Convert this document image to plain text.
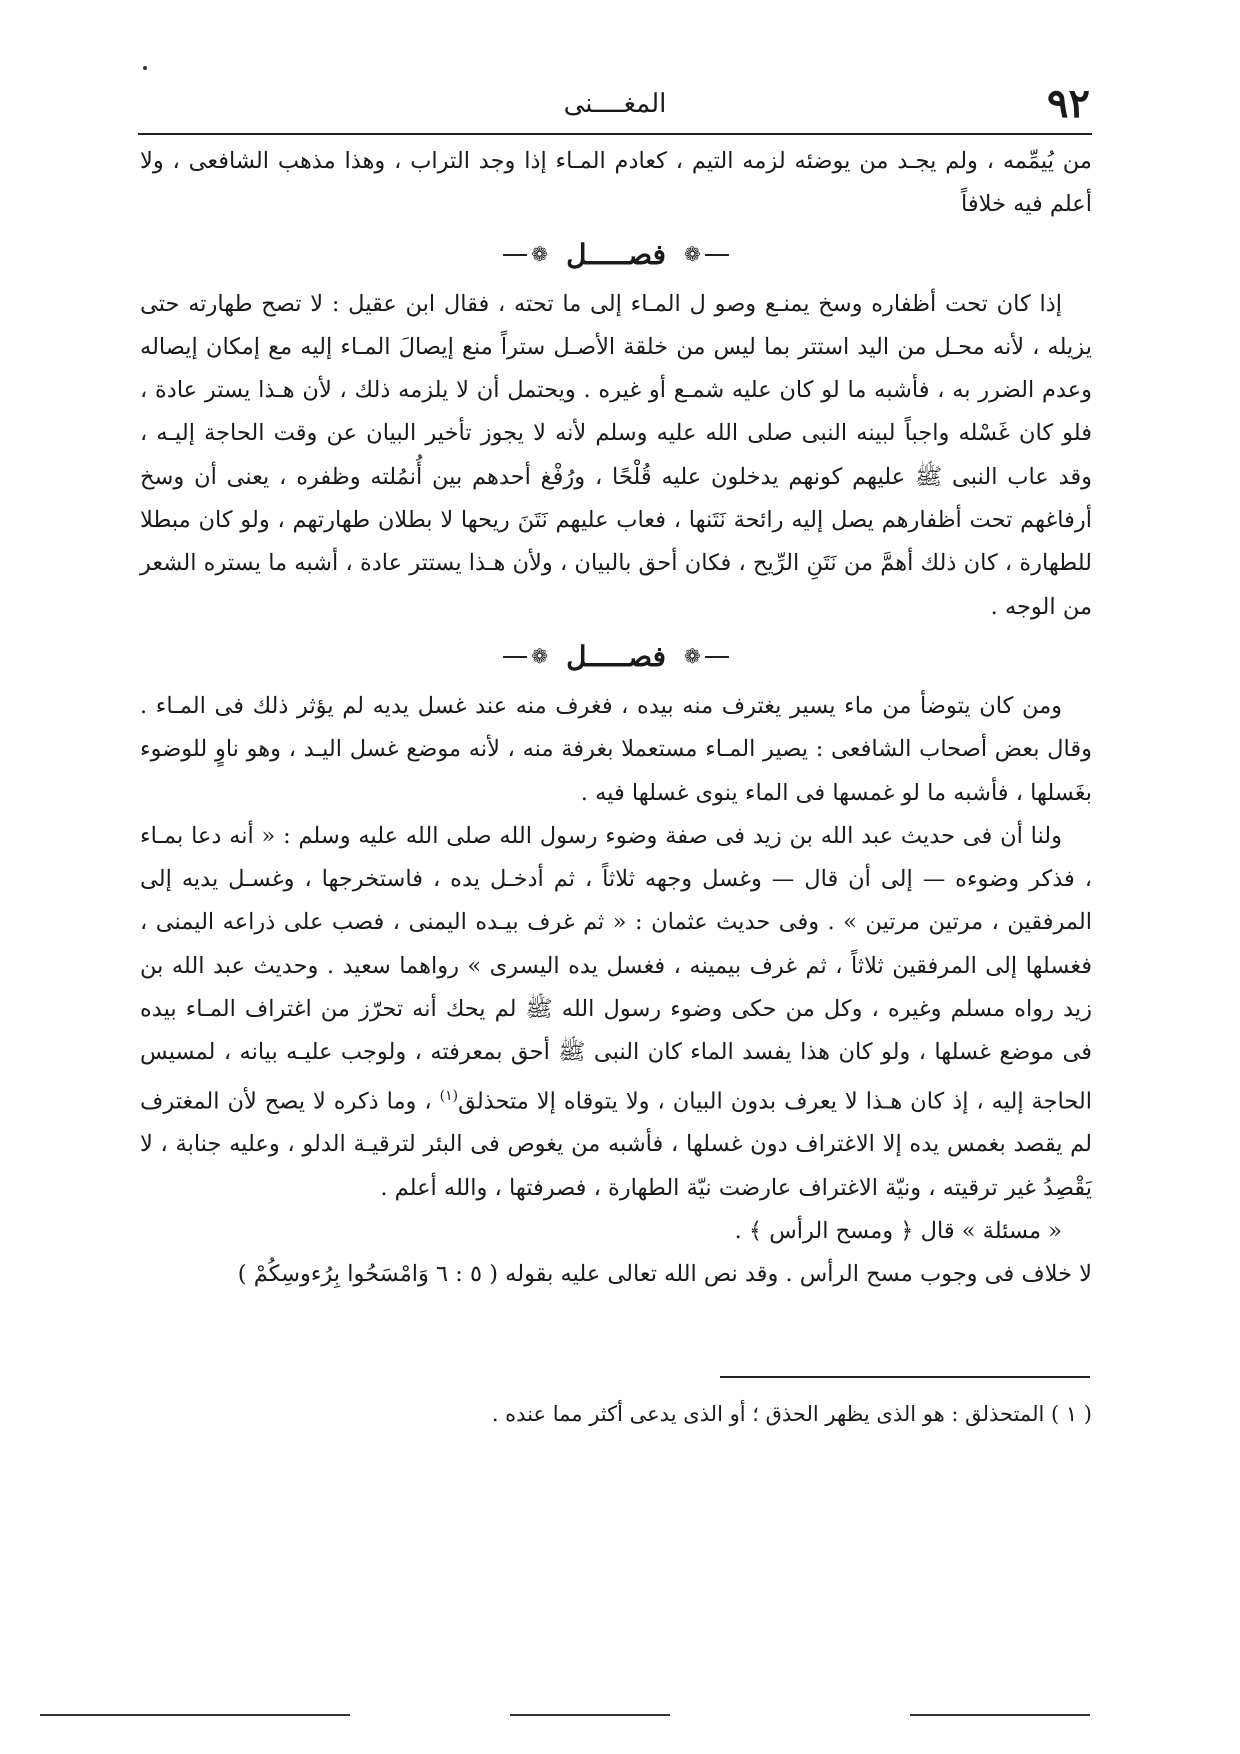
٩٢
المغــــنى

من يُيمِّمه ، ولم يجـد من يوضئه لزمه التيم ، كعادم المـاء إذا وجد التراب ، وهذا مذهب الشافعى ، ولا أعلم فيه خلافاً

❁
فصـــــل
❁

إذا كان تحت أظفاره وسخ يمنـع وصو ل المـاء إلى ما تحته ، فقال ابن عقيل : لا تصح طهارته حتى يزيله ، لأنه محـل من اليد استتر بما ليس من خلقة الأصـل ستراً منع إيصالَ المـاء إليه مع إمكان إيصاله وعدم الضرر به ، فأشبه ما لو كان عليه شمـع أو غيره . ويحتمل أن لا يلزمه ذلك ، لأن هـذا يستر عادة ، فلو كان غَسْله واجباً لبينه النبى صلى الله عليه وسلم لأنه لا يجوز تأخير البيان عن وقت الحاجة إليـه ، وقد عاب النبى ﷺ عليهم كونهم يدخلون عليه قُلْحًا ، ورُفْغ أحدهم بين أُنمُلته وظفره ، يعنى أن وسخ أرفاغهم تحت أظفارهم يصل إليه رائحة نَتَنها ، فعاب عليهم نَتَنَ ريحها لا بطلان طهارتهم ، ولو كان مبطلا للطهارة ، كان ذلك أهمَّ من نَتَنِ الرِّيح ، فكان أحق بالبيان ، ولأن هـذا يستتر عادة ، أشبه ما يستره الشعر من الوجه .

❁
فصـــــل
❁

ومن كان يتوضأ من ماء يسير يغترف منه بيده ، فغرف منه عند غسل يديه لم يؤثر ذلك فى المـاء . وقال بعض أصحاب الشافعى : يصير المـاء مستعملا بغرفة منه ، لأنه موضع غسل اليـد ، وهو ناوٍ للوضوء بغَسلها ، فأشبه ما لو غمسها فى الماء ينوى غسلها فيه .

ولنا أن فى حديث عبد الله بن زيد فى صفة وضوء رسول الله صلى الله عليه وسلم : « أنه دعا بمـاء ، فذكر وضوءه — إلى أن قال — وغسل وجهه ثلاثاً ، ثم أدخـل يده ، فاستخرجها ، وغسـل يديه إلى المرفقين ، مرتين مرتين » . وفى حديث عثمان : « ثم غرف بيـده اليمنى ، فصب على ذراعه اليمنى ، فغسلها إلى المرفقين ثلاثاً ، ثم غرف بيمينه ، فغسل يده اليسرى » رواهما سعيد . وحديث عبد الله بن زيد رواه مسلم وغيره ، وكل من حكى وضوء رسول الله ﷺ لم يحك أنه تحرّز من اغتراف المـاء بيده فى موضع غسلها ، ولو كان هذا يفسد الماء كان النبى ﷺ أحق بمعرفته ، ولوجب عليـه بيانه ، لمسيس الحاجة إليه ، إذ كان هـذا لا يعرف بدون البيان ، ولا يتوقاه إلا متحذلق$^{(١)}$ ، وما ذكره لا يصح لأن المغترف لم يقصد بغمس يده إلا الاغتراف دون غسلها ، فأشبه من يغوص فى البئر لترقيـة الدلو ، وعليه جنابة ، لا يَقْصِدُ غير ترقيته ، ونيّة الاغتراف عارضت نيّة الطهارة ، فصرفتها ، والله أعلم .

« مسئلة » قال ﴿ ومسح الرأس ﴾ .

لا خلاف فى وجوب مسح الرأس . وقد نص الله تعالى عليه بقوله ( ٥ : ٦ وَامْسَحُوا بِرُءوسِكُمْ )

( ١ ) المتحذلق : هو الذى يظهر الحذق ؛ أو الذى يدعى أكثر مما عنده .
